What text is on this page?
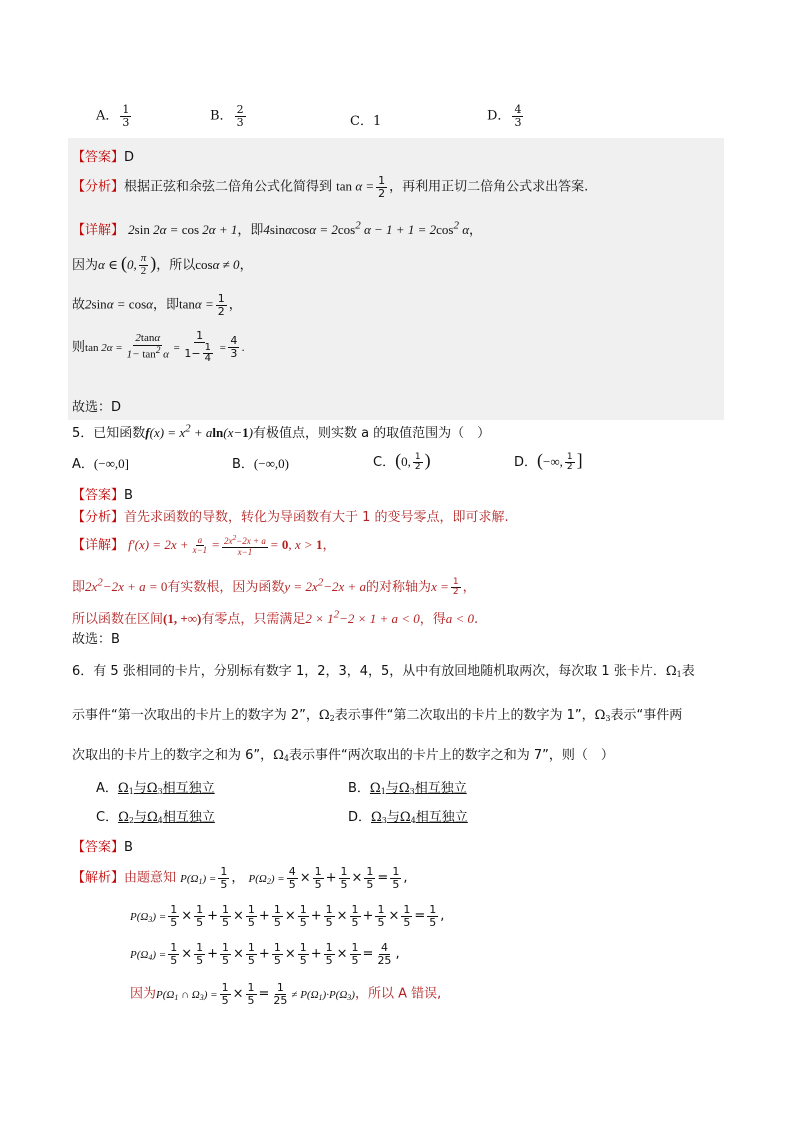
A． $\frac{1}{3}$	B． $\frac{2}{3}$	C．1	D． $\frac{4}{3}$
【答案】D
【分析】根据正弦和余弦二倍角公式化简得到 $\tan \alpha = \frac{1}{2}$ ，再利用正切二倍角公式求出答案.
【详解】 2sin 2α = cos 2α + 1，即$4\sin\alpha\cos\alpha = 2\cos^2$ $\alpha - 1 + 1 = 2\cos^2$ α，
因为α ∈ (0, $\frac{\pi}{2}$ )，所以cosα ≠ 0，
故2sinα = cosα，即$\tan\alpha = \frac{1}{2}$ ，
则$\tan 2\alpha = \frac{2\tan\alpha}{1- \tan^2 \alpha} = \frac{1}{1- \frac{1}{4}} = \frac{4}{3}$ .
故选：D
5．已知函数$f(x) = x^2 + aln(x-1)$有极值点，则实数 a 的取值范围为（　）
A．(−∞,0]	B．(−∞,0)	C．(0, $\frac{1}{2}$ )	D．(−∞, $\frac{1}{2}$ ]
【答案】B
【分析】首先求函数的导数，转化为导函数有大于 1 的变号零点，即可求解.
【详解】 $f'(x) = 2x + \frac{a}{x-1} = \frac{2x^2-2x + a}{x-1} = 0$, x > 1，
即$2x^2-2x + a = 0$有实数根，因为函数$y = 2x^2-2x + a$的对称轴为$x = \frac{1}{2}$ ，
所以函数在区间(1, +∞)有零点，只需满足$2 \times 1^2-2 \times 1 + a < 0$，得a < 0.
故选：B
6．有 5 张相同的卡片，分别标有数字 1，2，3，4，5，从中有放回地随机取两次，每次取 1 张卡片．$\Omega_1$表
示事件“第一次取出的卡片上的数字为 2”，$\Omega_2$表示事件“第二次取出的卡片上的数字为 1”，$\Omega_3$表示“事件两
次取出的卡片上的数字之和为 6”，$\Omega_4$表示事件“两次取出的卡片上的数字之和为 7”，则（　）
A．$\Omega_1$与$\Omega_3$相互独立	B．$\Omega_1$与$\Omega_3$相互独立
C．$\Omega_2$与$\Omega_4$相互独立	D．$\Omega_3$与$\Omega_4$相互独立
【答案】B
【解析】由题意知 $P(\Omega_1) = \frac{1}{5}$ ， $P(\Omega_2) = \frac{4}{5} \times \frac{1}{5} + \frac{1}{5} \times \frac{1}{5} = \frac{1}{5}$ ,
$P(\Omega_3) = \frac{1}{5} \times \frac{1}{5} + \frac{1}{5} \times \frac{1}{5} + \frac{1}{5} \times \frac{1}{5} + \frac{1}{5} \times \frac{1}{5} + \frac{1}{5} \times \frac{1}{5} = \frac{1}{5}$ ,
$P(\Omega_4) = \frac{1}{5} \times \frac{1}{5} + \frac{1}{5} \times \frac{1}{5} + \frac{1}{5} \times \frac{1}{5} + \frac{1}{5} \times \frac{1}{5} = \frac{4}{25}$ ,
因为$P(\Omega_1$ ∩ $\Omega_3) = \frac{1}{5} \times \frac{1}{5} = \frac{1}{25} \ne P(\Omega_1)\cdot P(\Omega_3)$，所以 A 错误,
